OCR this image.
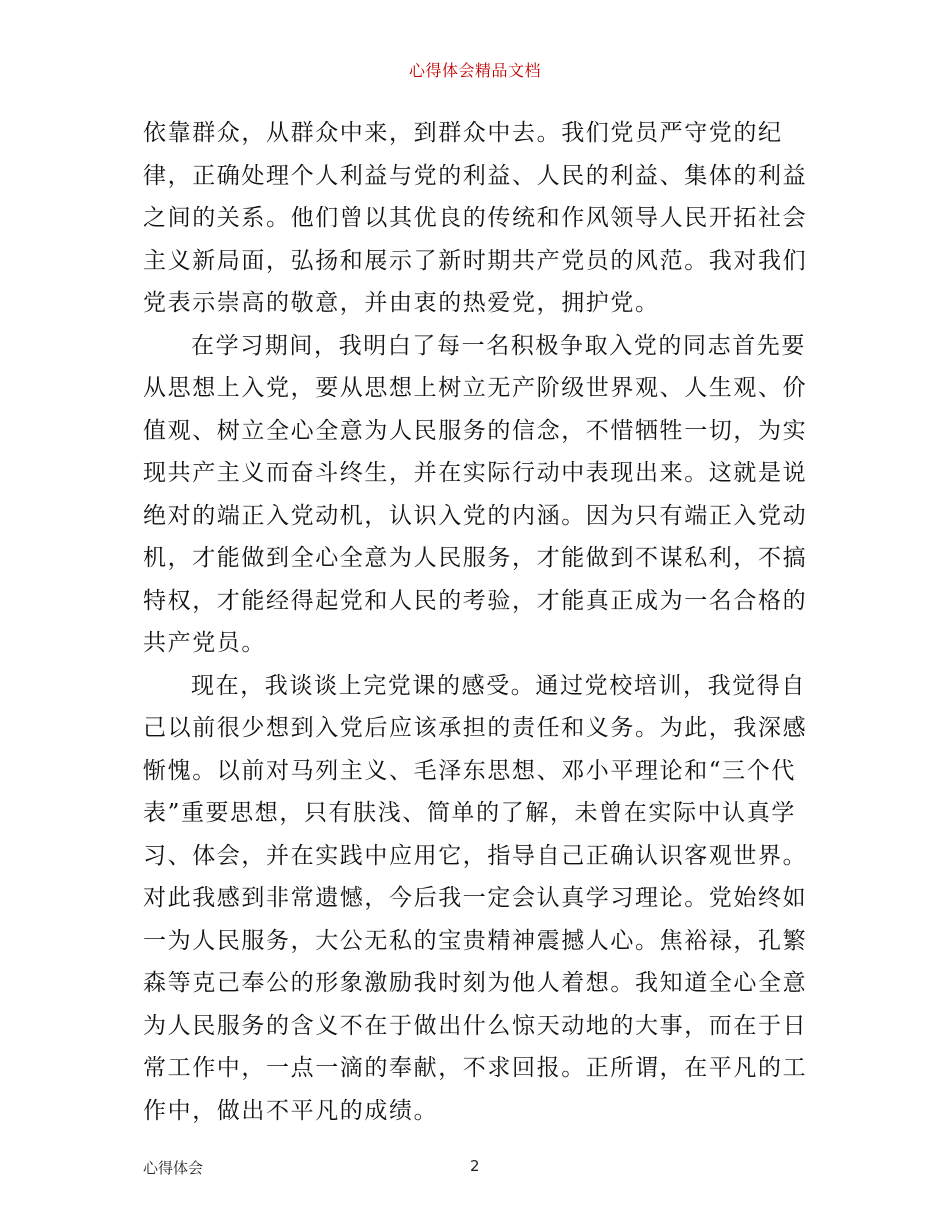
心得体会精品文档
依靠群众，从群众中来，到群众中去。我们党员严守党的纪
律，正确处理个人利益与党的利益、人民的利益、集体的利益
之间的关系。他们曾以其优良的传统和作风领导人民开拓社会
主义新局面，弘扬和展示了新时期共产党员的风范。我对我们
党表示崇高的敬意，并由衷的热爱党，拥护党。
在学习期间，我明白了每一名积极争取入党的同志首先要
从思想上入党，要从思想上树立无产阶级世界观、人生观、价
值观、树立全心全意为人民服务的信念，不惜牺牲一切，为实
现共产主义而奋斗终生，并在实际行动中表现出来。这就是说
绝对的端正入党动机，认识入党的内涵。因为只有端正入党动
机，才能做到全心全意为人民服务，才能做到不谋私利，不搞
特权，才能经得起党和人民的考验，才能真正成为一名合格的
共产党员。
现在，我谈谈上完党课的感受。通过党校培训，我觉得自
己以前很少想到入党后应该承担的责任和义务。为此，我深感
惭愧。以前对马列主义、毛泽东思想、邓小平理论和“三个代
表”重要思想，只有肤浅、简单的了解，未曾在实际中认真学
习、体会，并在实践中应用它，指导自己正确认识客观世界。
对此我感到非常遗憾，今后我一定会认真学习理论。党始终如
一为人民服务，大公无私的宝贵精神震撼人心。焦裕禄，孔繁
森等克己奉公的形象激励我时刻为他人着想。我知道全心全意
为人民服务的含义不在于做出什么惊天动地的大事，而在于日
常工作中，一点一滴的奉献，不求回报。正所谓，在平凡的工
作中，做出不平凡的成绩。
心得体会	2
